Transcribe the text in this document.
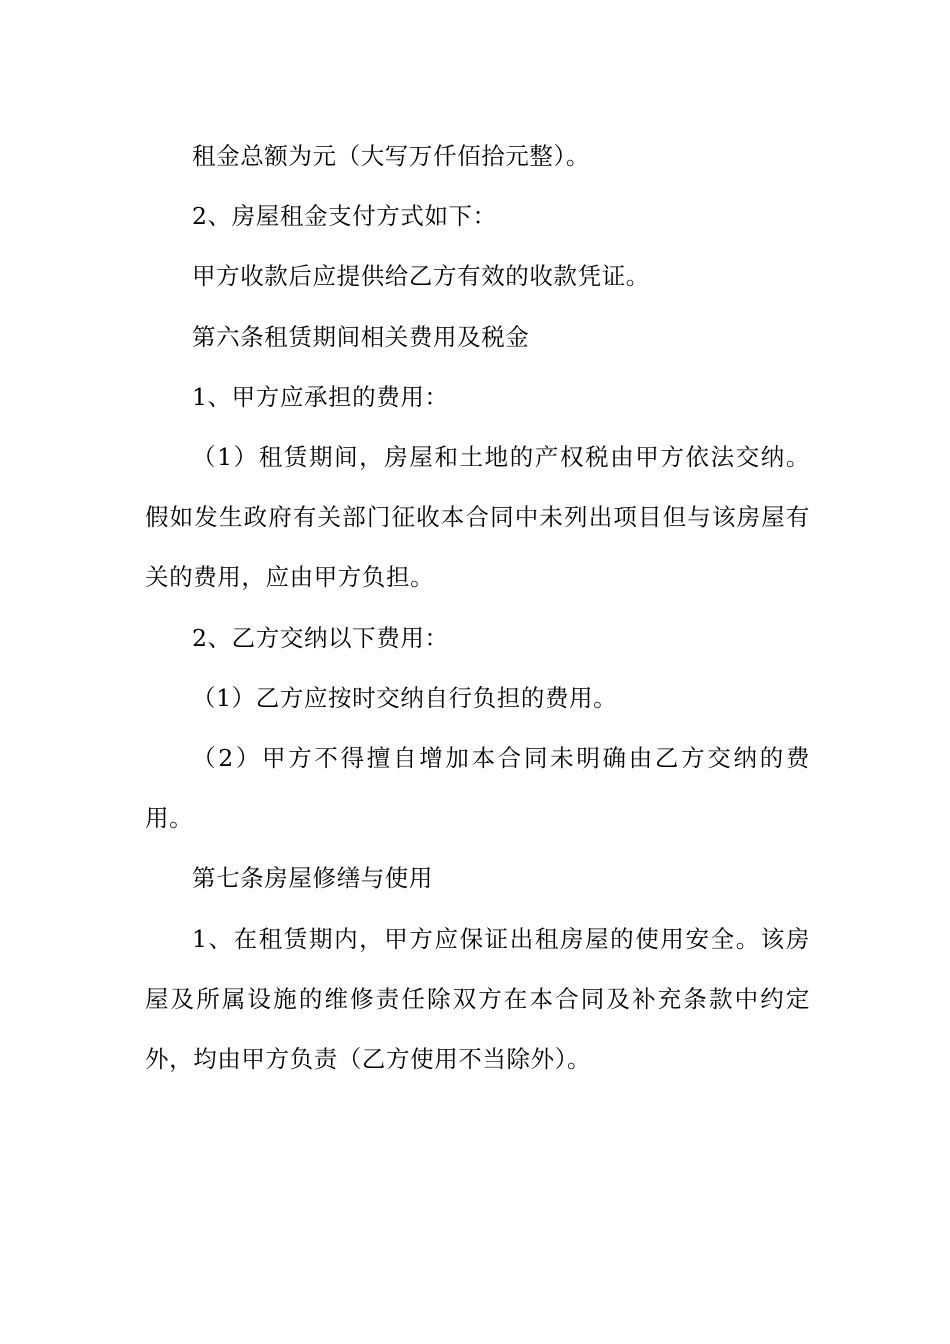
租金总额为元（大写万仟佰拾元整）。

2、房屋租金支付方式如下：

甲方收款后应提供给乙方有效的收款凭证。

第六条租赁期间相关费用及税金

1、甲方应承担的费用：

（1）租赁期间，房屋和土地的产权税由甲方依法交纳。假如发生政府有关部门征收本合同中未列出项目但与该房屋有关的费用，应由甲方负担。

2、乙方交纳以下费用：

（1）乙方应按时交纳自行负担的费用。

（2）甲方不得擅自增加本合同未明确由乙方交纳的费用。

第七条房屋修缮与使用

1、在租赁期内，甲方应保证出租房屋的使用安全。该房屋及所属设施的维修责任除双方在本合同及补充条款中约定外，均由甲方负责（乙方使用不当除外）。
